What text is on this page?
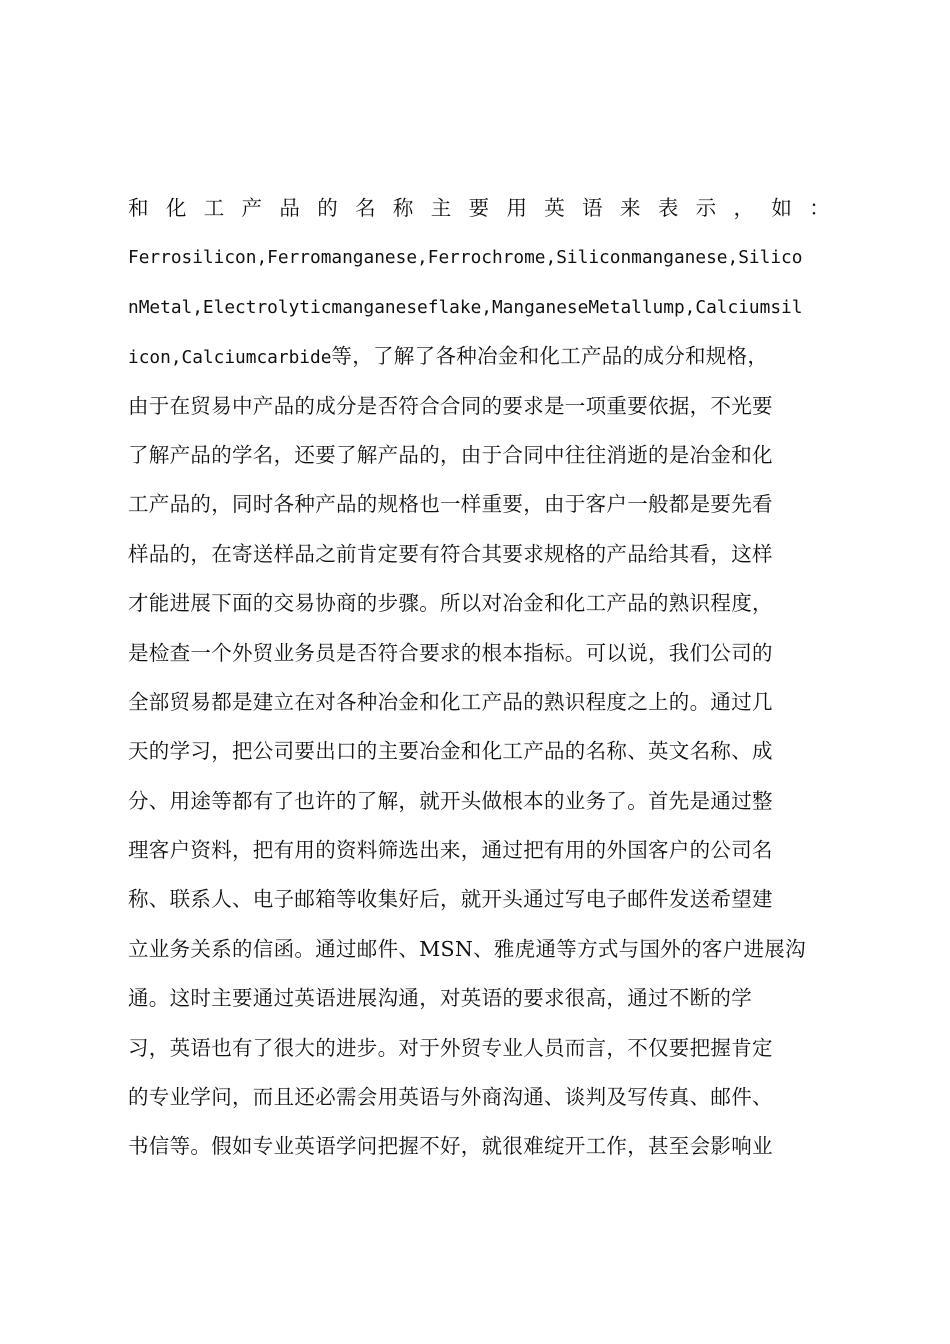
和化工产品的名称主要用英语来表示，如：
Ferrosilicon,Ferromanganese,Ferrochrome,Siliconmanganese,Silico
nMetal,Electrolyticmanganeseflake,ManganeseMetallump,Calciumsil
icon,Calciumcarbide等，了解了各种冶金和化工产品的成分和规格，
由于在贸易中产品的成分是否符合合同的要求是一项重要依据，不光要
了解产品的学名，还要了解产品的，由于合同中往往消逝的是冶金和化
工产品的，同时各种产品的规格也一样重要，由于客户一般都是要先看
样品的，在寄送样品之前肯定要有符合其要求规格的产品给其看，这样
才能进展下面的交易协商的步骤。所以对冶金和化工产品的熟识程度，
是检查一个外贸业务员是否符合要求的根本指标。可以说，我们公司的
全部贸易都是建立在对各种冶金和化工产品的熟识程度之上的。通过几
天的学习，把公司要出口的主要冶金和化工产品的名称、英文名称、成
分、用途等都有了也许的了解，就开头做根本的业务了。首先是通过整
理客户资料，把有用的资料筛选出来，通过把有用的外国客户的公司名
称、联系人、电子邮箱等收集好后，就开头通过写电子邮件发送希望建
立业务关系的信函。通过邮件、MSN、雅虎通等方式与国外的客户进展沟
通。这时主要通过英语进展沟通，对英语的要求很高，通过不断的学
习，英语也有了很大的进步。对于外贸专业人员而言，不仅要把握肯定
的专业学问，而且还必需会用英语与外商沟通、谈判及写传真、邮件、
书信等。假如专业英语学问把握不好，就很难绽开工作，甚至会影响业
